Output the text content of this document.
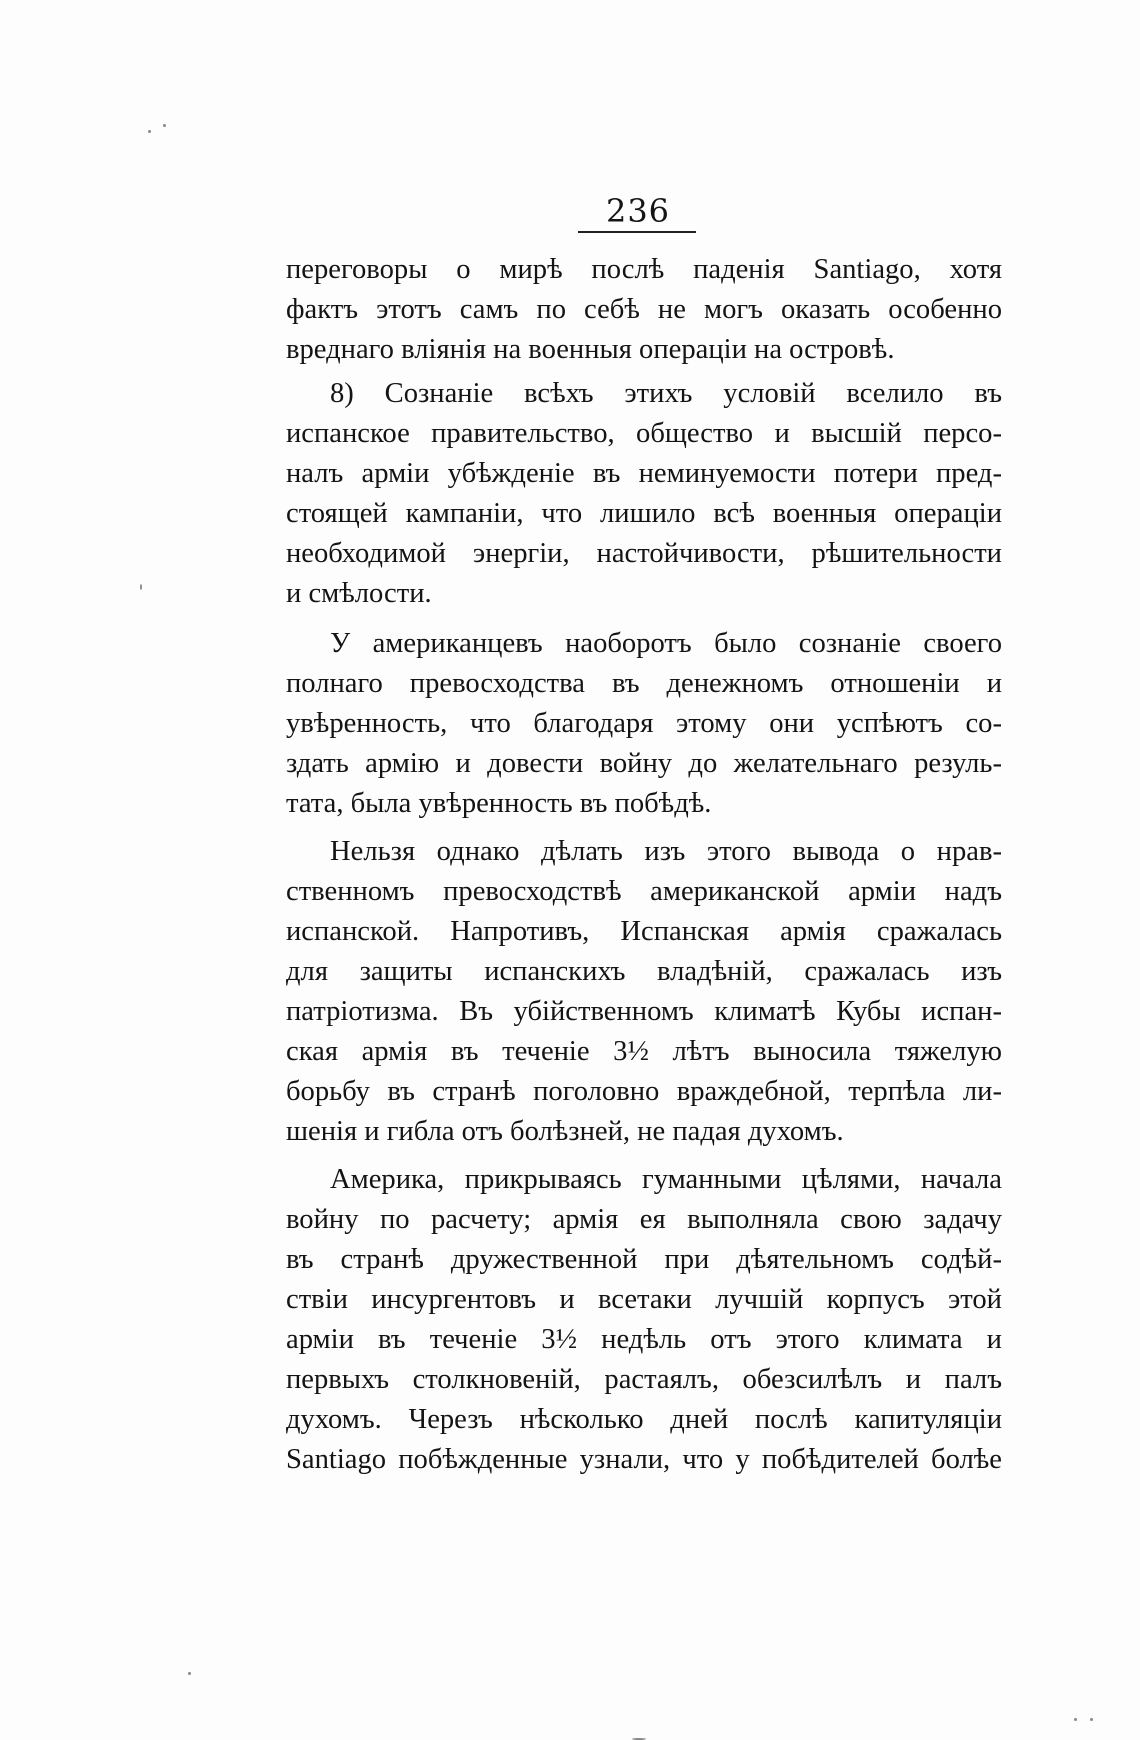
236
переговоры о мирѣ послѣ паденія Santiago, хотя
фактъ этотъ самъ по себѣ не могъ оказать особенно
вреднаго вліянія на военныя операціи на островѣ.
8) Сознаніе всѣхъ этихъ условій вселило въ
испанское правительство, общество и высшій персо-
налъ арміи убѣжденіе въ неминуемости потери пред-
стоящей кампаніи, что лишило всѣ военныя операціи
необходимой энергіи, настойчивости, рѣшительности
и смѣлости.
У американцевъ наоборотъ было сознаніе своего
полнаго превосходства въ денежномъ отношеніи и
увѣренность, что благодаря этому они успѣютъ со-
здать армію и довести войну до желательнаго резуль-
тата, была увѣренность въ побѣдѣ.
Нельзя однако дѣлать изъ этого вывода о нрав-
ственномъ превосходствѣ американской арміи надъ
испанской. Напротивъ, Испанская армія сражалась
для защиты испанскихъ владѣній, сражалась изъ
патріотизма. Въ убійственномъ климатѣ Кубы испан-
ская армія въ теченіе 3½ лѣтъ выносила тяжелую
борьбу въ странѣ поголовно враждебной, терпѣла ли-
шенія и гибла отъ болѣзней, не падая духомъ.
Америка, прикрываясь гуманными цѣлями, начала
войну по расчету; армія ея выполняла свою задачу
въ странѣ дружественной при дѣятельномъ содѣй-
ствіи инсургентовъ и всетаки лучшій корпусъ этой
арміи въ теченіе 3½ недѣль отъ этого климата и
первыхъ столкновеній, растаялъ, обезсилѣлъ и палъ
духомъ. Черезъ нѣсколько дней послѣ капитуляціи
Santiago побѣжденные узнали, что у побѣдителей болѣе
